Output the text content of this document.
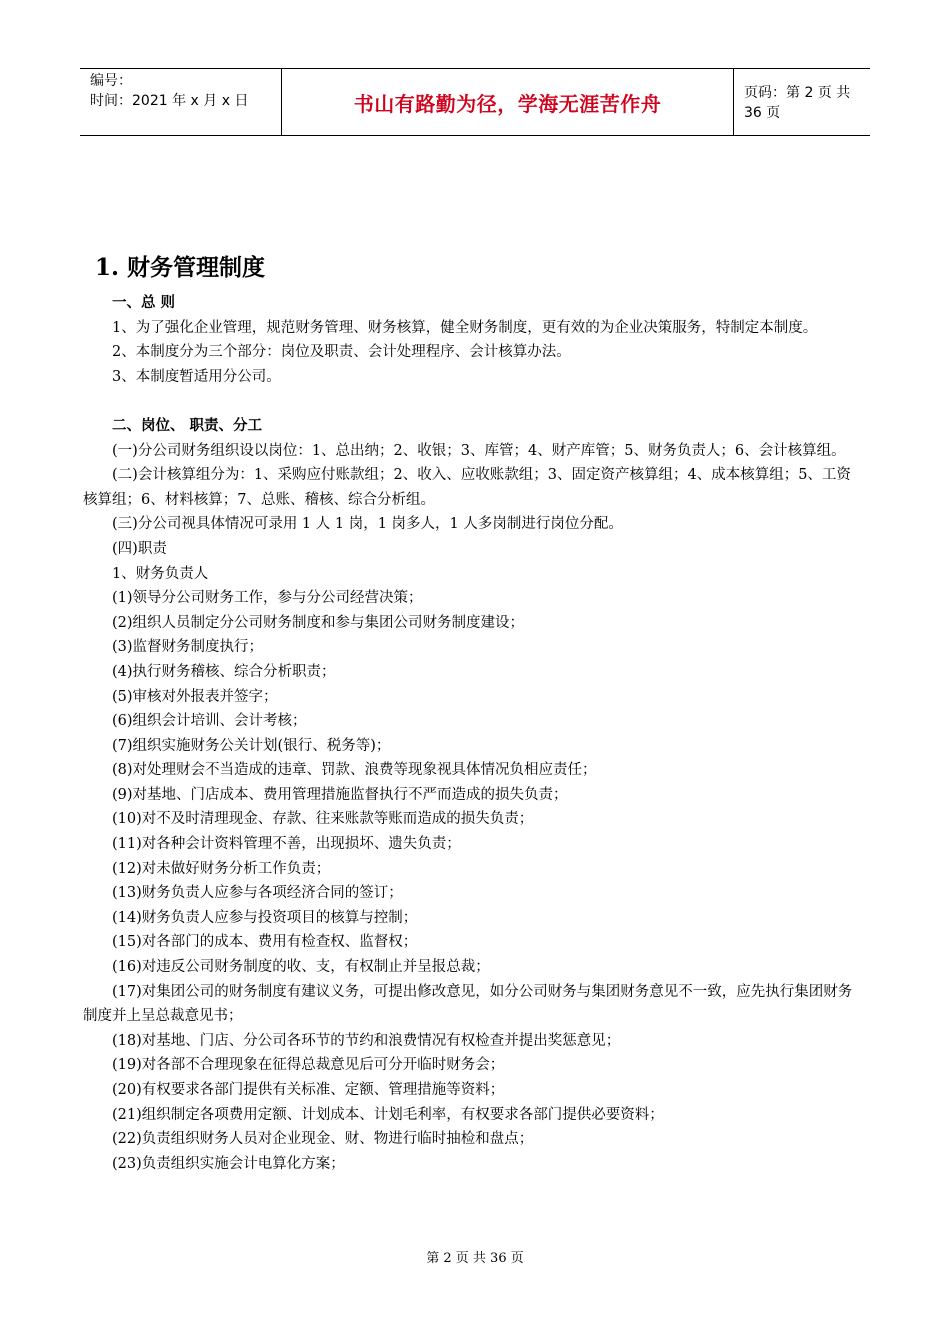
编号：
时间：2021 年 x 月 x 日	书山有路勤为径，学海无涯苦作舟	页码：第 2 页 共 36 页
1. 财务管理制度

一、总 则

1、为了强化企业管理，规范财务管理、财务核算，健全财务制度，更有效的为企业决策服务，特制定本制度。

2、本制度分为三个部分：岗位及职责、会计处理程序、会计核算办法。

3、本制度暂适用分公司。

二、岗位、 职责、分工

(一)分公司财务组织设以岗位：1、总出纳；2、收银；3、库管；4、财产库管；5、财务负责人；6、会计核算组。

(二)会计核算组分为：1、采购应付账款组；2、收入、应收账款组；3、固定资产核算组；4、成本核算组；5、工资核算组；6、材料核算；7、总账、稽核、综合分析组。

(三)分公司视具体情况可录用 1 人 1 岗，1 岗多人，1 人多岗制进行岗位分配。

(四)职责

1、财务负责人

(1)领导分公司财务工作，参与分公司经营决策；

(2)组织人员制定分公司财务制度和参与集团公司财务制度建设；

(3)监督财务制度执行；

(4)执行财务稽核、综合分析职责；

(5)审核对外报表并签字；

(6)组织会计培训、会计考核；

(7)组织实施财务公关计划(银行、税务等)；

(8)对处理财会不当造成的违章、罚款、浪费等现象视具体情况负相应责任；

(9)对基地、门店成本、费用管理措施监督执行不严而造成的损失负责；

(10)对不及时清理现金、存款、往来账款等账而造成的损失负责；

(11)对各种会计资料管理不善，出现损坏、遗失负责；

(12)对未做好财务分析工作负责；

(13)财务负责人应参与各项经济合同的签订；

(14)财务负责人应参与投资项目的核算与控制；

(15)对各部门的成本、费用有检查权、监督权；

(16)对违反公司财务制度的收、支，有权制止并呈报总裁；

(17)对集团公司的财务制度有建议义务，可提出修改意见，如分公司财务与集团财务意见不一致，应先执行集团财务制度并上呈总裁意见书；

(18)对基地、门店、分公司各环节的节约和浪费情况有权检查并提出奖惩意见；

(19)对各部不合理现象在征得总裁意见后可分开临时财务会；

(20)有权要求各部门提供有关标准、定额、管理措施等资料；

(21)组织制定各项费用定额、计划成本、计划毛利率，有权要求各部门提供必要资料；

(22)负责组织财务人员对企业现金、财、物进行临时抽检和盘点；

(23)负责组织实施会计电算化方案；

第 2 页 共 36 页
